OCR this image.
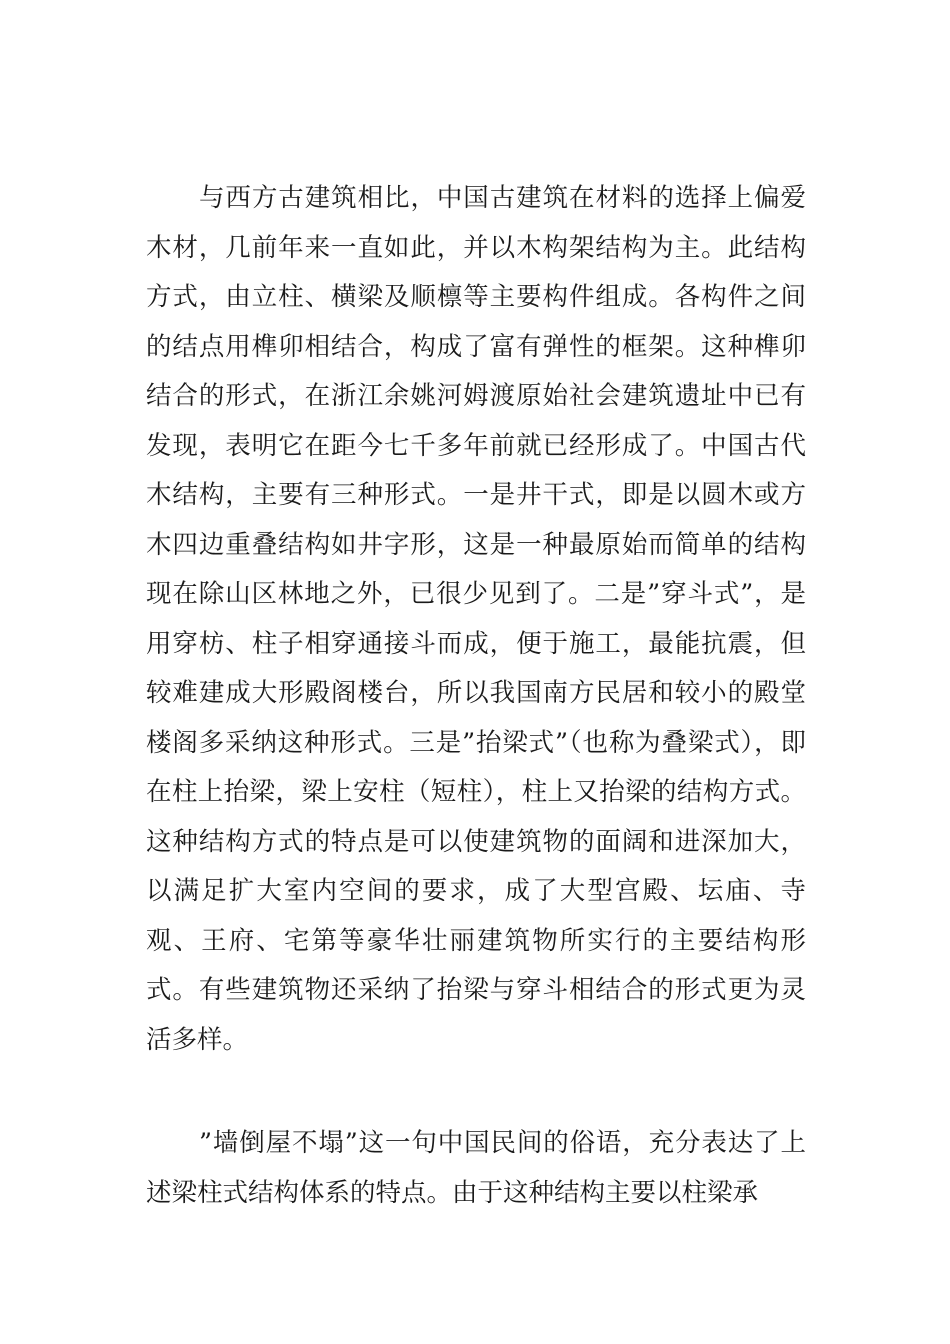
与西方古建筑相比，中国古建筑在材料的选择上偏爱木材，几前年来一直如此，并以木构架结构为主。此结构方式，由立柱、横梁及顺檩等主要构件组成。各构件之间的结点用榫卯相结合，构成了富有弹性的框架。这种榫卯结合的形式，在浙江余姚河姆渡原始社会建筑遗址中已有发现，表明它在距今七千多年前就已经形成了。中国古代木结构，主要有三种形式。一是井干式，即是以圆木或方木四边重叠结构如井字形，这是一种最原始而简单的结构现在除山区林地之外，已很少见到了。二是”穿斗式”，是用穿枋、柱子相穿通接斗而成，便于施工，最能抗震，但较难建成大形殿阁楼台，所以我国南方民居和较小的殿堂楼阁多采纳这种形式。三是”抬梁式”（也称为叠梁式），即在柱上抬梁，梁上安柱（短柱），柱上又抬梁的结构方式。这种结构方式的特点是可以使建筑物的面阔和进深加大，以满足扩大室内空间的要求，成了大型宫殿、坛庙、寺观、王府、宅第等豪华壮丽建筑物所实行的主要结构形式。有些建筑物还采纳了抬梁与穿斗相结合的形式更为灵活多样。

”墙倒屋不塌”这一句中国民间的俗语，充分表达了上述梁柱式结构体系的特点。由于这种结构主要以柱梁承
